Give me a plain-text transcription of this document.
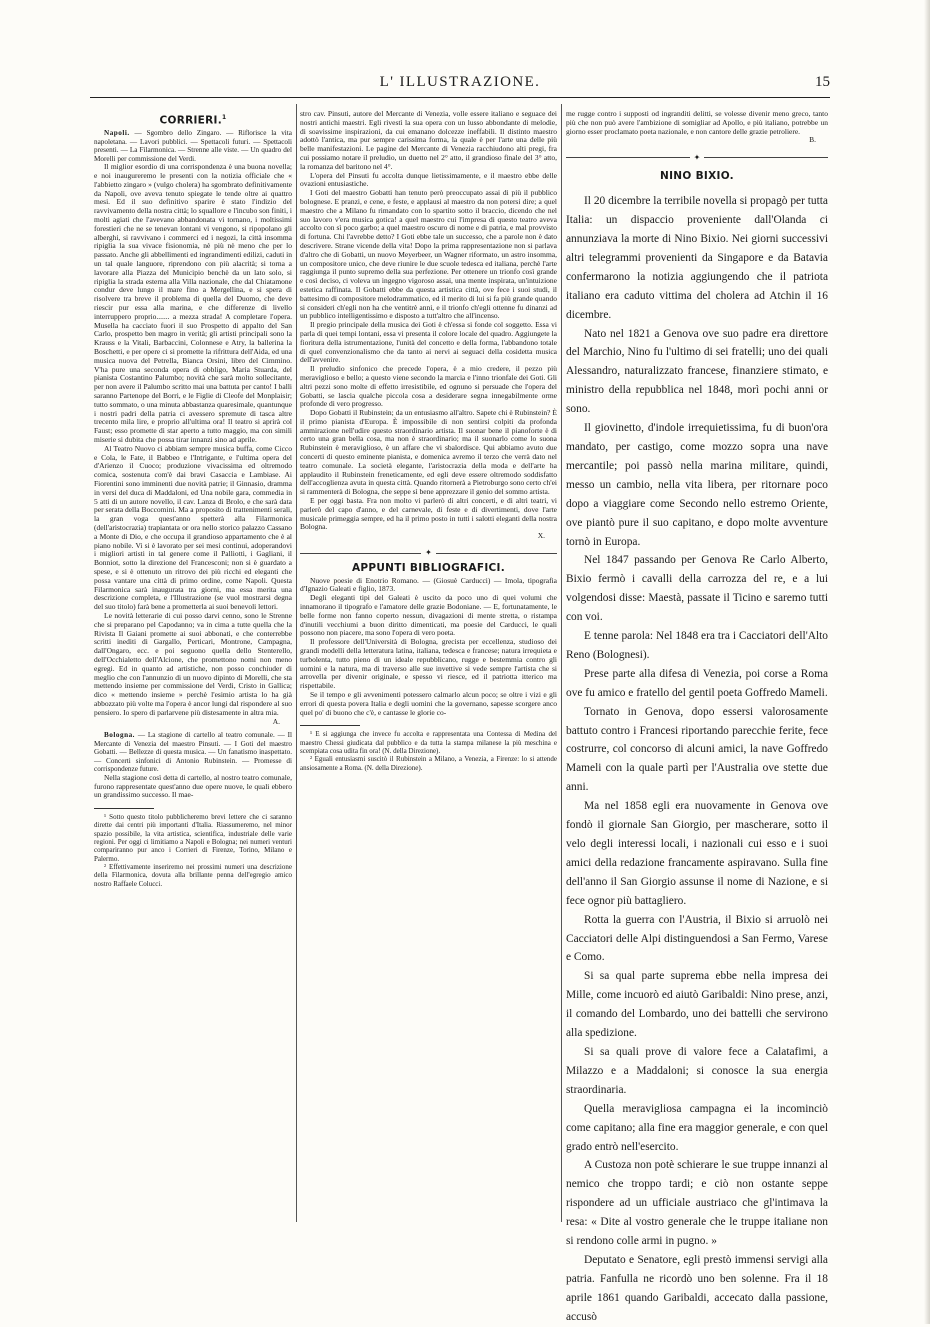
L' ILLUSTRAZIONE.	15
CORRIERI.$^1$

Napoli. — Sgombro dello Zingaro. — Riflorisce la vita napoletana. — Lavori pubblici. — Spettacoli futuri. — Spettacoli presenti. — La Filarmonica. — Strenne alle viste. — Un quadro del Morelli per commissione del Verdi.

Il miglior esordio di una corrispondenza è una buona novella; e noi inaugureremo le presenti con la notizia officiale che « l'abbietto zingaro » (vulgo cholera) ha sgombrato definitivamente da Napoli, ove aveva tenuto spiegate le tende oltre ai quattro mesi. Ed il suo definitivo sparire è stato l'indizio del ravvivamento della nostra città; lo squallore e l'incubo son finiti, i molti agiati che l'avevano abbandonata vi tornano, i moltissimi forestieri che ne se tenevan lontani vi vengono, si ripopolano gli alberghi, si ravvivano i commerci ed i negozi, la città insomma ripiglia la sua vivace fisionomia, nè più nè meno che per lo passato. Anche gli abbellimenti ed ingrandimenti edilizi, caduti in un tal quale languore, riprendono con più alacrità; si torna a lavorare alla Piazza del Municipio benchè da un lato solo, si ripiglia la strada esterna alla Villa nazionale, che dal Chiatamone condur deve lungo il mare fino a Mergellina, e si spera di risolvere tra breve il problema di quella del Duomo, che deve riescir pur essa alla marina, e che differenze di livello interruppero proprio....... a mezza strada! A completare l'opera. Musella ha cacciato fuori il suo Prospetto di appalto del San Carlo, prospetto ben magro in verità; gli artisti principali sono la Krauss e la Vitali, Barbaccini, Colonnese e Atry, la ballerina la Boschetti, e per opere ci si promette la rifrittura dell'Aida, ed una musica nuova del Petrella, Bianca Orsini, libro del Cimmino. V'ha pure una seconda opera di obbligo, Maria Stuarda, del pianista Costantino Palumbo; novità che sarà molto sollecitante, per non avere il Palumbo scritto mai una battuta per canto! I balli saranno Partenope del Borri, e le Figlie di Cleofe del Monplaisir; tutto sommato, o una minuta abbastanza quaresimale, quantunque i nostri padri della patria ci avessero spremute di tasca altre trecento mila lire, e proprio all'ultima ora! Il teatro si aprirà col Faust; esso promette di star aperto a tutto maggio, ma con simili miserie si dubita che possa tirar innanzi sino ad aprile.

Al Teatro Nuovo ci abbiam sempre musica buffa, come Cicco e Cola, le Fate, il Babbeo e l'Intrigante, e l'ultima opera del d'Arienzo il Cuoco; produzione vivacissima ed oltremodo comica, sostenuta com'è dai bravi Casaccia e Lambiase. Ai Fiorentini sono imminenti due novità patrie; il Ginnasio, dramma in versi del duca di Maddaloni, ed Una nobile gara, commedia in 5 atti di un autore novello, il cav. Lanza di Brolo, e che sarà data per serata della Boccomini. Ma a proposito di trattenimenti serali, la gran voga quest'anno spetterà alla Filarmonica (dell'aristocrazia) trapiantata or ora nello storico palazzo Cassano a Monte di Dio, e che occupa il grandioso appartamento che è al piano nobile. Vi si è lavorato per sei mesi continui, adoperandovi i migliori artisti in tal genere come il Palliotti, i Gagliani, il Bonniot, sotto la direzione del Francesconi; non si è guardato a spese, e si è ottenuto un ritrovo dei più ricchi ed eleganti che possa vantare una città di primo ordine, come Napoli. Questa Filarmonica sarà inaugurata tra giorni, ma essa merita una descrizione completa, e l'Illustrazione (se vuol mostrarsi degna del suo titolo) farà bene a prometterla ai suoi benevoli lettori.

Le novità letterarie di cui posso darvi cenno, sono le Strenne che si preparano pel Capodanno; va in cima a tutte quella che la Rivista Il Gaiani promette ai suoi abbonati, e che conterrebbe scritti inediti di Gargallo, Perticari, Montrone, Campagna, dall'Ongaro, ecc. e poi seguono quella dello Stenterello, dell'Occhialetto dell'Alcione, che promettono nomi non meno egregi. Ed in quanto ad artistiche, non posso conchiuder di meglio che con l'annunzio di un nuovo dipinto di Morelli, che sta mettendo insieme per commissione del Verdi, Cristo in Gallica; dico « mettendo insieme » perchè l'esimio artista lo ha già abbozzato più volte ma l'opera è ancor lungi dal rispondere al suo pensiero. Io spero di parlarvene più distesamente in altra mia.

A.

Bologna. — La stagione di cartello al teatro comunale. — Il Mercante di Venezia del maestro Pinsuti. — I Goti del maestro Gobatti. — Bellezze di questa musica. — Un fanatismo inaspettato. — Concerti sinfonici di Antonio Rubinstein. — Promesse di corrispondenze future.

Nella stagione così detta di cartello, al nostro teatro comunale, furono rappresentate quest'anno due opere nuove, le quali ebbero un grandissimo successo. Il mae-

¹ Sotto questo titolo pubblicheremo brevi lettere che ci saranno dirette dai centri più importanti d'Italia. Riassumeremo, nel minor spazio possibile, la vita artistica, scientifica, industriale delle varie regioni. Per oggi ci limitiamo a Napoli e Bologna; nei numeri venturi compariranno pur anco i Corrieri di Firenze, Torino, Milano e Palermo.

² Effettivamente inseriremo nei prossimi numeri una descrizione della Filarmonica, dovuta alla brillante penna dell'egregio amico nostro Raffaele Colucci.

stro cav. Pinsuti, autore del Mercante di Venezia, volle essere italiano e seguace dei nostri antichi maestri. Egli rivestì la sua opera con un lusso abbondante di melodie, di soavissime inspirazioni, da cui emanano dolcezze ineffabili. Il distinto maestro adottò l'antica, ma pur sempre carissima forma, la quale è per l'arte una delle più belle manifestazioni. Le pagine del Mercante di Venezia racchiudono alti pregi, fra cui possiamo notare il preludio, un duetto nel 2° atto, il grandioso finale del 3° atto, la romanza del baritono nel 4°.

L'opera del Pinsuti fu accolta dunque lietissimamente, e il maestro ebbe delle ovazioni entusiastiche.

I Goti del maestro Gobatti han tenuto però preoccupato assai di più il pubblico bolognese. E pranzi, e cene, e feste, e applausi al maestro da non potersi dire; a quel maestro che a Milano fu rimandato con lo spartito sotto il braccio, dicendo che nel suo lavoro v'era musica gotica! a quel maestro cui l'impresa di questo teatro aveva accolto con sì poco garbo; a quel maestro oscuro di nome e di patria, e mal provvisto di fortuna. Chi l'avrebbe detto? I Goti ebbe tale un successo, che a parole non è dato descrivere. Strane vicende della vita! Dopo la prima rappresentazione non si parlava d'altro che di Gobatti, un nuovo Meyerbeer, un Wagner riformato, un astro insomma, un compositore unico, che deve riunire le due scuole tedesca ed italiana, perchè l'arte raggiunga il punto supremo della sua perfezione. Per ottenere un trionfo così grande e così deciso, ci voleva un ingegno vigoroso assai, una mente inspirata, un'intuizione estetica raffinata. Il Gobatti ebbe da questa artistica città, ove fece i suoi studi, il battesimo di compositore melodrammatico, ed il merito di lui si fa più grande quando si consideri ch'egli non ha che ventitrè anni, e il trionfo ch'egli ottenne fu dinanzi ad un pubblico intelligentissimo e disposto a tutt'altro che all'incenso.

Il pregio principale della musica dei Goti è ch'essa si fonde col soggetto. Essa vi parla di quei tempi lontani, essa vi presenta il colore locale del quadro. Aggiungete la fioritura della istrumentazione, l'unità del concetto e della forma, l'abbandono totale di quel convenzionalismo che da tanto ai nervi ai seguaci della cosidetta musica dell'avvenire.

Il preludio sinfonico che precede l'opera, è a mio credere, il pezzo più meraviglioso e bello; a questo viene secondo la marcia e l'inno trionfale dei Goti. Gli altri pezzi sono molte di effetto irresistibile, ed ognuno si persuade che l'opera del Gobatti, se lascia qualche piccola cosa a desiderare segna innegabilmente orme profonde di vero progresso.

Dopo Gobatti il Rubinstein; da un entusiasmo all'altro. Sapete chi è Rubinstein? È il primo pianista d'Europa. È impossibile di non sentirsi colpiti da profonda ammirazione nell'udire questo straordinario artista. Il suonar bene il pianoforte è di certo una gran bella cosa, ma non è straordinario; ma il suonarlo come lo suona Rubinstein è meraviglioso, è un affare che vi sbalordisce. Qui abbiamo avuto due concerti di questo eminente pianista, e domenica avremo il terzo che verrà dato nel teatro comunale. La società elegante, l'aristocrazia della moda e dell'arte ha applaudito il Rubinstein freneticamente, ed egli deve essere oltremodo soddisfatto dell'accoglienza avuta in questa città. Quando ritornerà a Pietroburgo sono certo ch'ei si rammenterà di Bologna, che seppe sì bene apprezzare il genio del sommo artista.

E per oggi basta. Fra non molto vi parlerò di altri concerti, e di altri teatri, vi parlerò del capo d'anno, e del carnevale, di feste e di divertimenti, dove l'arte musicale primeggia sempre, ed ha il primo posto in tutti i salotti eleganti della nostra Bologna.

X.

✦
APPUNTI BIBLIOGRAFICI.

Nuove poesie di Enotrio Romano. — (Giosuè Carducci) — Imola, tipografia d'Ignazio Galeati e figlio, 1873.

Degli eleganti tipi del Galeati è uscito da poco uno di quei volumi che innamorano il tipografo e l'amatore delle grazie Bodoniane. — E, fortunatamente, le belle forme non fanno coperto nessun, divagazioni di mente stretta, o ristampa d'inutili vecchiumi a buon diritto dimenticati, ma poesie del Carducci, le quali possono non piacere, ma sono l'opera di vero poeta.

Il professore dell'Università di Bologna, grecista per eccellenza, studioso dei grandi modelli della letteratura latina, italiana, tedesca e francese; natura irrequieta e turbolenta, tutto pieno di un ideale repubblicano, rugge e bestemmia contro gli uomini e la natura, ma di traverso alle sue invettive si vede sempre l'artista che si arrovella per divenir originale, e spesso vi riesce, ed il patriotta itterico ma rispettabile.

Se il tempo e gli avvenimenti potessero calmarlo alcun poco; se oltre i vizi e gli errori di questa povera Italia e degli uomini che la governano, sapesse scorgere anco quel po' di buono che c'è, e cantasse le glorie co-

¹ E si aggiunga che invece fu accolta e rappresentata una Contessa di Medina del maestro Chessi giudicata dal pubblico e da tutta la stampa milanese la più meschina e scempiata cosa udita fin ora! (N. della Direzione).

² Eguali entusiasmi suscitò il Rubinstein a Milano, a Venezia, a Firenze: lo si attende ansiosamente a Roma. (N. della Direzione).

me rugge contro i supposti od ingranditi delitti, se volesse divenir meno greco, tanto più che non può avere l'ambizione di somigliar ad Apollo, e più italiano, potrebbe un giorno esser proclamato poeta nazionale, e non cantore delle grazie petroliere.

B.

✦
NINO BIXIO.

Il 20 dicembre la terribile novella si propagò per tutta Italia: un dispaccio proveniente dall'Olanda ci annunziava la morte di Nino Bixio. Nei giorni successivi altri telegrammi provenienti da Singapore e da Batavia confermarono la notizia aggiungendo che il patriota italiano era caduto vittima del cholera ad Atchin il 16 dicembre.

Nato nel 1821 a Genova ove suo padre era direttore del Marchio, Nino fu l'ultimo di sei fratelli; uno dei quali Alessandro, naturalizzato francese, finanziere stimato, e ministro della repubblica nel 1848, morì pochi anni or sono.

Il giovinetto, d'indole irrequietissima, fu di buon'ora mandato, per castigo, come mozzo sopra una nave mercantile; poi passò nella marina militare, quindi, messo un cambio, nella vita libera, per ritornare poco dopo a viaggiare come Secondo nello estremo Oriente, ove piantò pure il suo capitano, e dopo molte avventure tornò in Europa.

Nel 1847 passando per Genova Re Carlo Alberto, Bixio fermò i cavalli della carrozza del re, e a lui volgendosi disse: Maestà, passate il Ticino e saremo tutti con voi.

E tenne parola: Nel 1848 era tra i Cacciatori dell'Alto Reno (Bolognesi).

Prese parte alla difesa di Venezia, poi corse a Roma ove fu amico e fratello del gentil poeta Goffredo Mameli.

Tornato in Genova, dopo essersi valorosamente battuto contro i Francesi riportando parecchie ferite, fece costrurre, col concorso di alcuni amici, la nave Goffredo Mameli con la quale partì per l'Australia ove stette due anni.

Ma nel 1858 egli era nuovamente in Genova ove fondò il giornale San Giorgio, per mascherare, sotto il velo degli interessi locali, i nazionali cui esso e i suoi amici della redazione francamente aspiravano. Sulla fine dell'anno il San Giorgio assunse il nome di Nazione, e si fece ognor più battagliero.

Rotta la guerra con l'Austria, il Bixio si arruolò nei Cacciatori delle Alpi distinguendosi a San Fermo, Varese e Como.

Si sa qual parte suprema ebbe nella impresa dei Mille, come incuorò ed aiutò Garibaldi: Nino prese, anzi, il comando del Lombardo, uno dei battelli che servirono alla spedizione.

Si sa quali prove di valore fece a Calatafimi, a Milazzo e a Maddaloni; si conosce la sua energia straordinaria.

Quella meravigliosa campagna ei la incominciò come capitano; alla fine era maggior generale, e con quel grado entrò nell'esercito.

A Custoza non potè schierare le sue truppe innanzi al nemico che troppo tardi; e ciò non ostante seppe rispondere ad un ufficiale austriaco che gl'intimava la resa: « Dite al vostro generale che le truppe italiane non si rendono colle armi in pugno. »

Deputato e Senatore, egli prestò immensi servigi alla patria. Fanfulla ne ricordò uno ben solenne. Fra il 18 aprile 1861 quando Garibaldi, accecato dalla passione, accusò
